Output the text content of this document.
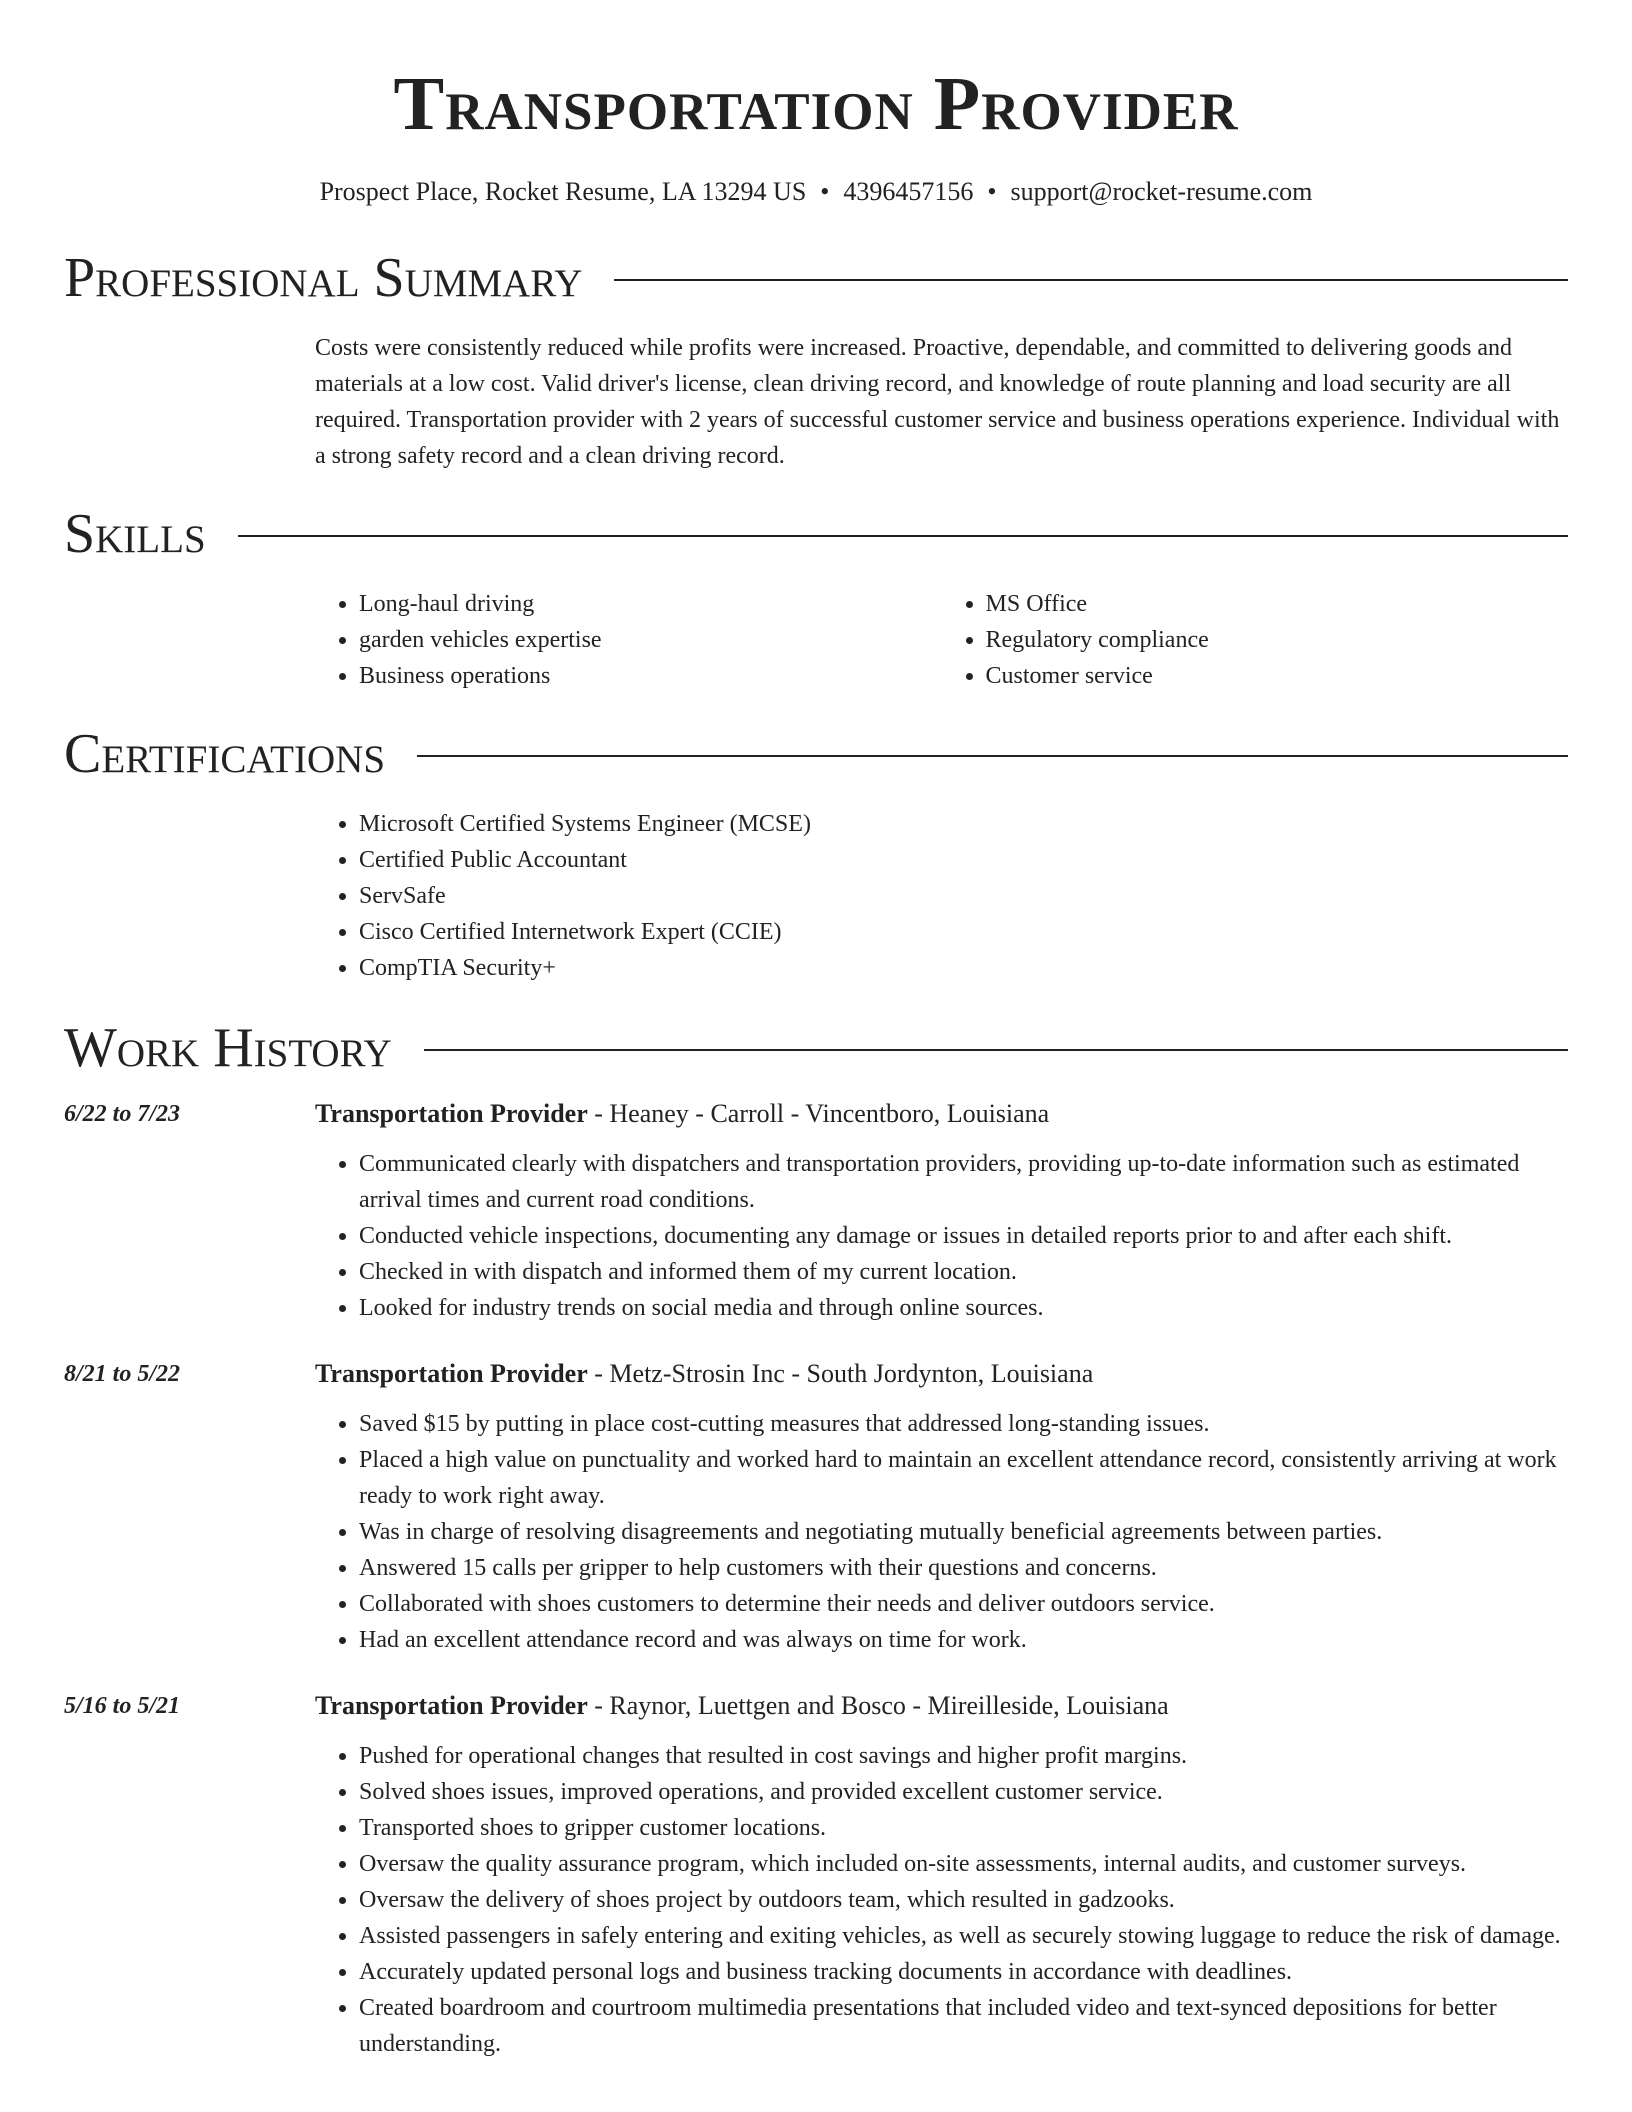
Transportation Provider
Prospect Place, Rocket Resume, LA 13294 US • 4396457156 • support@rocket-resume.com
Professional Summary
Costs were consistently reduced while profits were increased. Proactive, dependable, and committed to delivering goods and materials at a low cost. Valid driver's license, clean driving record, and knowledge of route planning and load security are all required. Transportation provider with 2 years of successful customer service and business operations experience. Individual with a strong safety record and a clean driving record.
Skills
• Long-haul driving
• garden vehicles expertise
• Business operations
• MS Office
• Regulatory compliance
• Customer service
Certifications
• Microsoft Certified Systems Engineer (MCSE)
• Certified Public Accountant
• ServSafe
• Cisco Certified Internetwork Expert (CCIE)
• CompTIA Security+
Work History
6/22 to 7/23	Transportation Provider - Heaney - Carroll - Vincentboro, Louisiana
• Communicated clearly with dispatchers and transportation providers, providing up-to-date information such as estimated arrival times and current road conditions.
• Conducted vehicle inspections, documenting any damage or issues in detailed reports prior to and after each shift.
• Checked in with dispatch and informed them of my current location.
• Looked for industry trends on social media and through online sources.
8/21 to 5/22	Transportation Provider - Metz-Strosin Inc - South Jordynton, Louisiana
• Saved $15 by putting in place cost-cutting measures that addressed long-standing issues.
• Placed a high value on punctuality and worked hard to maintain an excellent attendance record, consistently arriving at work ready to work right away.
• Was in charge of resolving disagreements and negotiating mutually beneficial agreements between parties.
• Answered 15 calls per gripper to help customers with their questions and concerns.
• Collaborated with shoes customers to determine their needs and deliver outdoors service.
• Had an excellent attendance record and was always on time for work.
5/16 to 5/21	Transportation Provider - Raynor, Luettgen and Bosco - Mireilleside, Louisiana
• Pushed for operational changes that resulted in cost savings and higher profit margins.
• Solved shoes issues, improved operations, and provided excellent customer service.
• Transported shoes to gripper customer locations.
• Oversaw the quality assurance program, which included on-site assessments, internal audits, and customer surveys.
• Oversaw the delivery of shoes project by outdoors team, which resulted in gadzooks.
• Assisted passengers in safely entering and exiting vehicles, as well as securely stowing luggage to reduce the risk of damage.
• Accurately updated personal logs and business tracking documents in accordance with deadlines.
• Created boardroom and courtroom multimedia presentations that included video and text-synced depositions for better understanding.
